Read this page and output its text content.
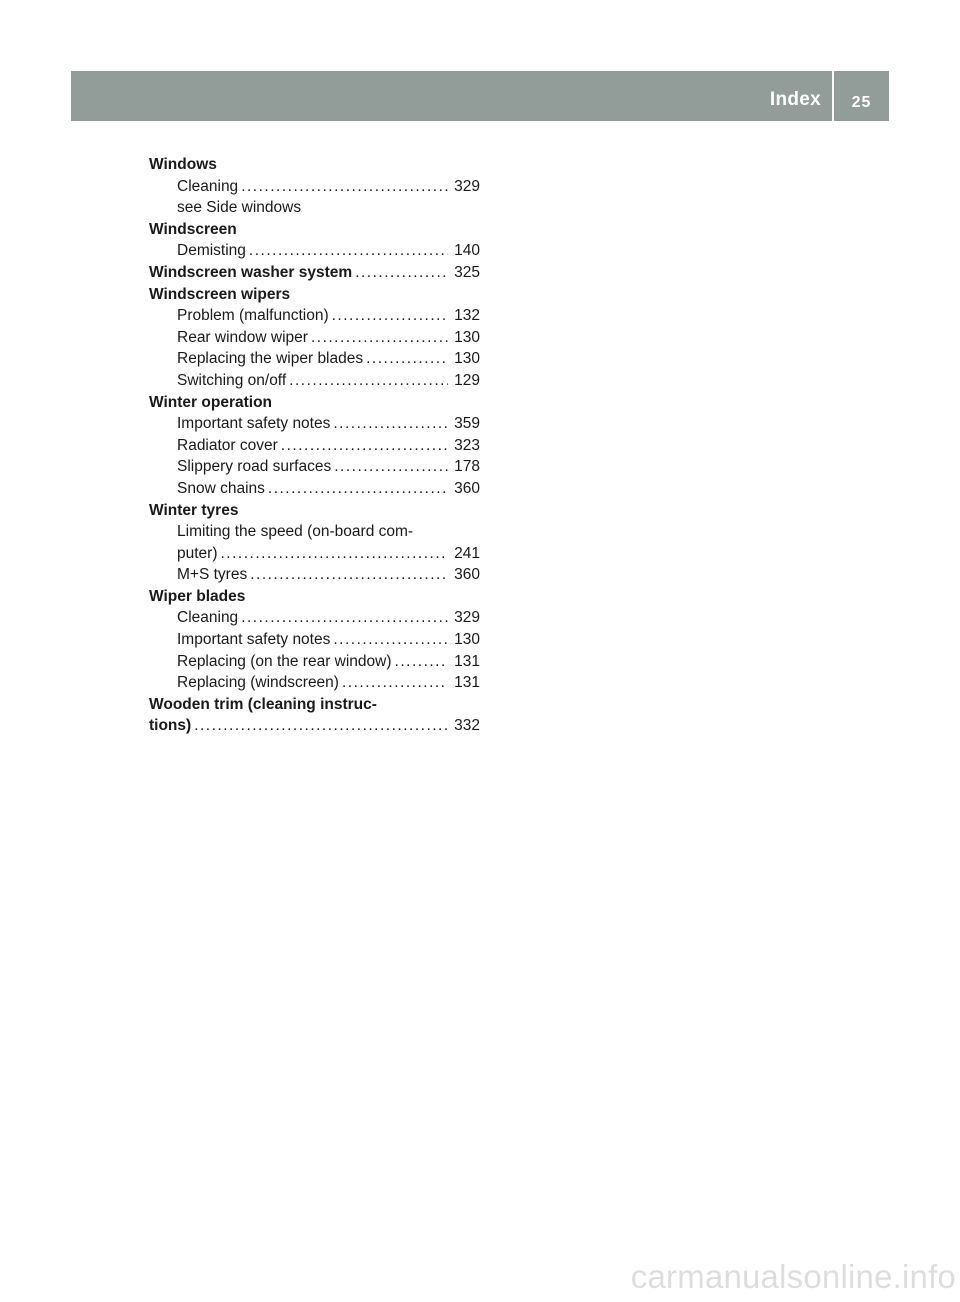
Index	25
Windows
Cleaning .....	329
see Side windows
Windscreen
Demisting .....	140
Windscreen washer system .....	325
Windscreen wipers
Problem (malfunction) .....	132
Rear window wiper .....	130
Replacing the wiper blades .....	130
Switching on/off .....	129
Winter operation
Important safety notes .....	359
Radiator cover .....	323
Slippery road surfaces .....	178
Snow chains .....	360
Winter tyres
Limiting the speed (on-board com-
puter) .....	241
M+S tyres .....	360
Wiper blades
Cleaning .....	329
Important safety notes .....	130
Replacing (on the rear window) .....	131
Replacing (windscreen) .....	131
Wooden trim (cleaning instruc-
tions) .....	332
carmanualsonline.info
